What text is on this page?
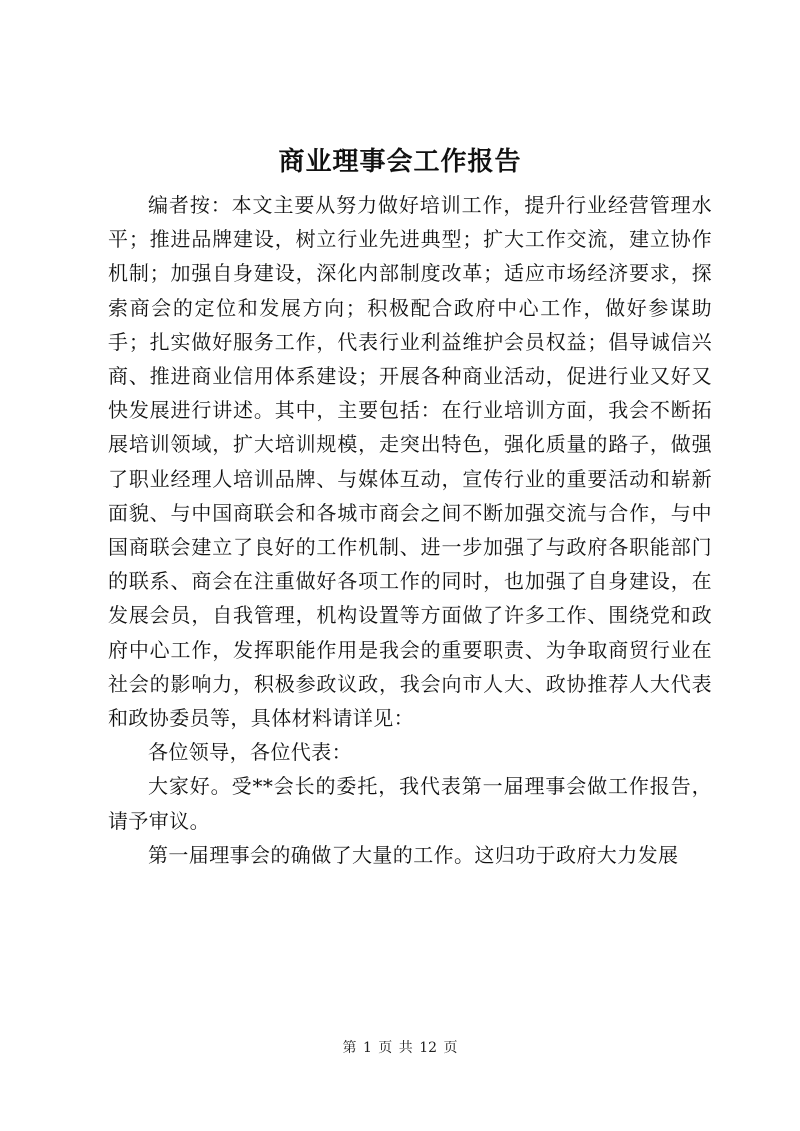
商业理事会工作报告

编者按：本文主要从努力做好培训工作，提升行业经营管理水平；推进品牌建设，树立行业先进典型；扩大工作交流，建立协作机制；加强自身建设，深化内部制度改革；适应市场经济要求，探索商会的定位和发展方向；积极配合政府中心工作，做好参谋助手；扎实做好服务工作，代表行业利益维护会员权益；倡导诚信兴商、推进商业信用体系建设；开展各种商业活动，促进行业又好又快发展进行讲述。其中，主要包括：在行业培训方面，我会不断拓展培训领域，扩大培训规模，走突出特色，强化质量的路子，做强了职业经理人培训品牌、与媒体互动，宣传行业的重要活动和崭新面貌、与中国商联会和各城市商会之间不断加强交流与合作，与中国商联会建立了良好的工作机制、进一步加强了与政府各职能部门的联系、商会在注重做好各项工作的同时，也加强了自身建设，在发展会员，自我管理，机构设置等方面做了许多工作、围绕党和政府中心工作，发挥职能作用是我会的重要职责、为争取商贸行业在社会的影响力，积极参政议政，我会向市人大、政协推荐人大代表和政协委员等，具体材料请详见：

各位领导，各位代表：

大家好。受**会长的委托，我代表第一届理事会做工作报告，请予审议。

第一届理事会的确做了大量的工作。这归功于政府大力发展

第 1 页 共 12 页
